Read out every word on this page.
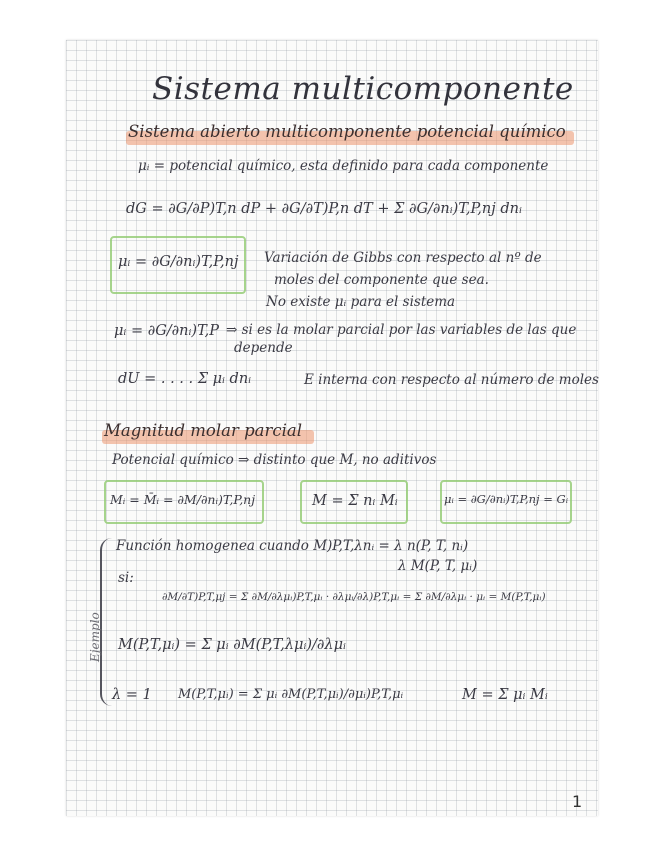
Sistema multicomponente
Sistema abierto multicomponente potencial químico
μᵢ = potencial químico, esta definido para cada componente
dG = ∂G/∂P)T,n dP + ∂G/∂T)P,n dT + Σ ∂G/∂nᵢ)T,P,nj dnᵢ
μᵢ = ∂G/∂nᵢ)T,P,nj Variación de Gibbs con respecto al nº de
moles del componente que sea.
No existe μᵢ para el sistema
μᵢ = ∂G/∂nᵢ)T,P ⇒ si es la molar parcial por las variables de las que
depende
dU = . . . . Σ μᵢ dnᵢ	E interna con respecto al número de moles
Magnitud molar parcial
Potencial químico ⇒ distinto que M, no aditivos
Mᵢ = M̄ᵢ = ∂M/∂nᵢ)T,P,nj	M = Σ nᵢ Mᵢ	μᵢ = ∂G/∂nᵢ)T,P,nj = Gᵢ
Ejemplo
Función homogenea cuando M)P,T,λnᵢ = λ n(P, T, nᵢ)
λ M(P, T, μᵢ)
si:
∂M/∂T)P,T,μj = Σ ∂M/∂λμᵢ)P,T,μᵢ · ∂λμᵢ/∂λ)P,T,μᵢ = Σ ∂M/∂λμᵢ · μᵢ = M(P,T,μᵢ)
M(P,T,μᵢ) = Σ μᵢ ∂M(P,T,λμᵢ)/∂λμᵢ
λ = 1 M(P,T,μᵢ) = Σ μᵢ ∂M(P,T,μᵢ)/∂μᵢ)P,T,μᵢ	M = Σ μᵢ Mᵢ
1
